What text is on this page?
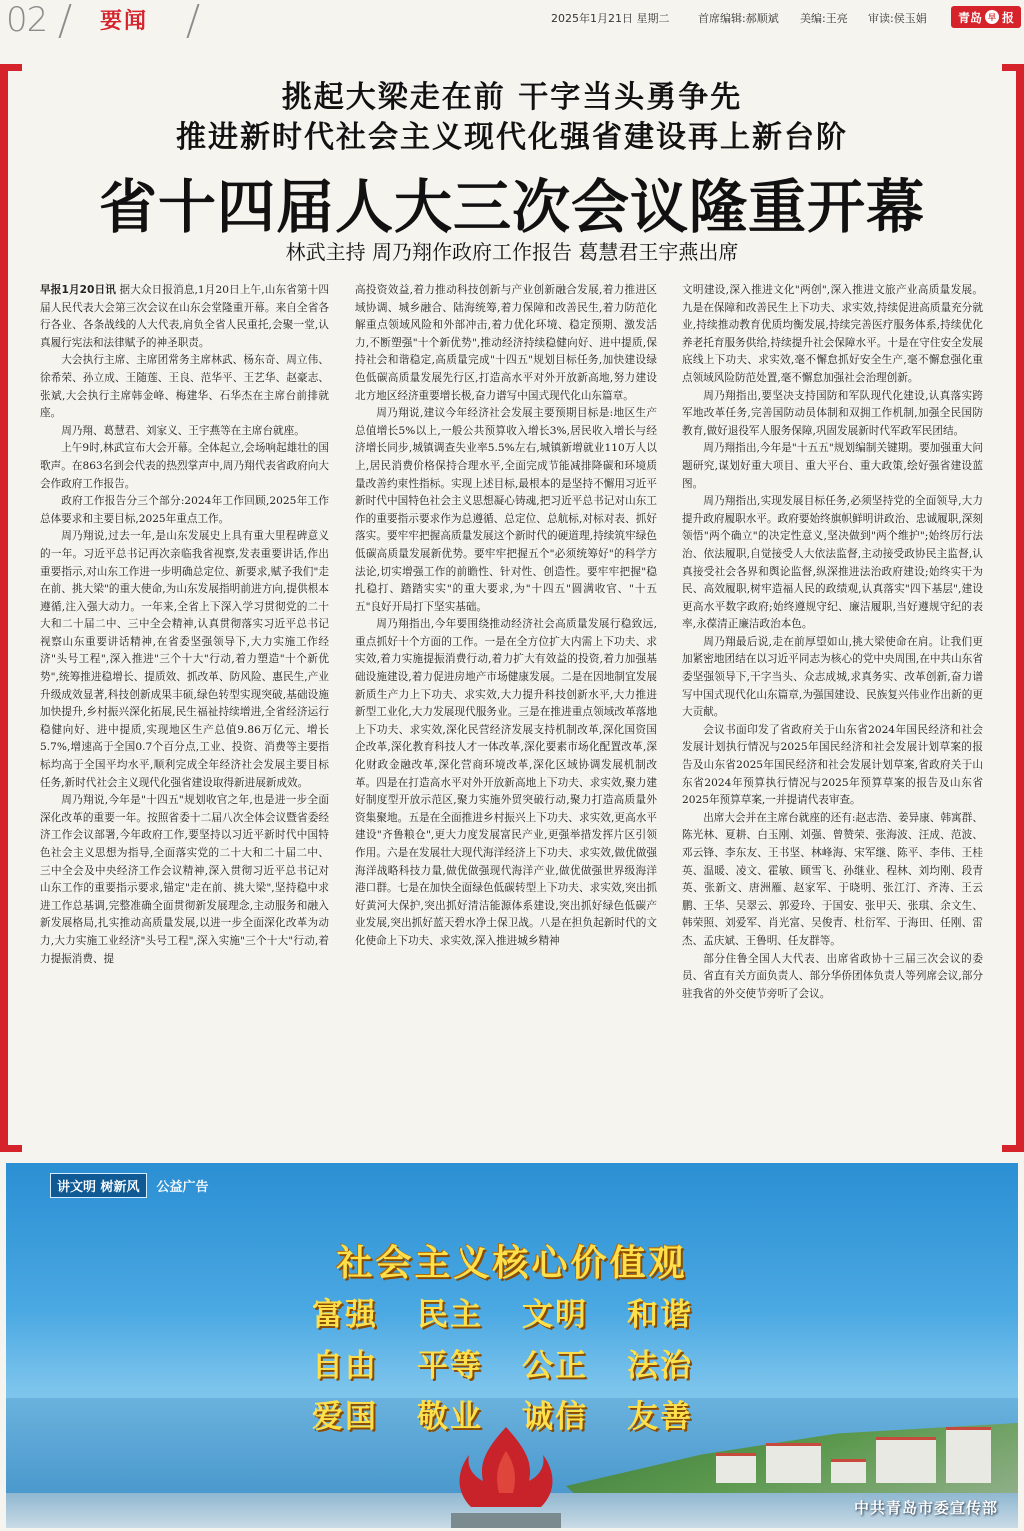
02 要闻	2025年1月21日 星期二	首席编辑:郝顺斌 美编:王亮 审读:侯玉娟	青岛 早 报
挑起大梁走在前 干字当头勇争先
推进新时代社会主义现代化强省建设再上新台阶
省十四届人大三次会议隆重开幕
林武主持 周乃翔作政府工作报告 葛慧君王宇燕出席

早报1月20日讯 据大众日报消息,1月20日上午,山东省第十四届人民代表大会第三次会议在山东会堂隆重开幕。来自全省各行各业、各条战线的人大代表,肩负全省人民重托,会聚一堂,认真履行宪法和法律赋予的神圣职责。

大会执行主席、主席团常务主席林武、杨东奇、周立伟、徐希荣、孙立成、王随莲、王良、范华平、王艺华、赵豪志、张斌,大会执行主席韩金峰、梅建华、石华杰在主席台前排就座。

周乃翔、葛慧君、刘家义、王宇燕等在主席台就座。

上午9时,林武宣布大会开幕。全体起立,会场响起雄壮的国歌声。在863名到会代表的热烈掌声中,周乃翔代表省政府向大会作政府工作报告。

政府工作报告分三个部分:2024年工作回顾,2025年工作总体要求和主要目标,2025年重点工作。

周乃翔说,过去一年,是山东发展史上具有重大里程碑意义的一年。习近平总书记再次亲临我省视察,发表重要讲话,作出重要指示,对山东工作进一步明确总定位、新要求,赋予我们"走在前、挑大梁"的重大使命,为山东发展指明前进方向,提供根本遵循,注入强大动力。一年来,全省上下深入学习贯彻党的二十大和二十届二中、三中全会精神,认真贯彻落实习近平总书记视察山东重要讲话精神,在省委坚强领导下,大力实施工作经济"头号工程",深入推进"三个十大"行动,着力塑造"十个新优势",统筹推进稳增长、提质效、抓改革、防风险、惠民生,产业升级成效显著,科技创新成果丰硕,绿色转型实现突破,基础设施加快提升,乡村振兴深化拓展,民生福祉持续增进,全省经济运行稳健向好、进中提质,实现地区生产总值9.86万亿元、增长5.7%,增速高于全国0.7个百分点,工业、投资、消费等主要指标均高于全国平均水平,顺利完成全年经济社会发展主要目标任务,新时代社会主义现代化强省建设取得新进展新成效。

周乃翔说,今年是"十四五"规划收官之年,也是进一步全面深化改革的重要一年。按照省委十二届八次全体会议暨省委经济工作会议部署,今年政府工作,要坚持以习近平新时代中国特色社会主义思想为指导,全面落实党的二十大和二十届二中、三中全会及中央经济工作会议精神,深入贯彻习近平总书记对山东工作的重要指示要求,锚定"走在前、挑大梁",坚持稳中求进工作总基调,完整准确全面贯彻新发展理念,主动服务和融入新发展格局,扎实推动高质量发展,以进一步全面深化改革为动力,大力实施工业经济"头号工程",深入实施"三个十大"行动,着力提振消费、提

高投资效益,着力推动科技创新与产业创新融合发展,着力推进区域协调、城乡融合、陆海统筹,着力保障和改善民生,着力防范化解重点领域风险和外部冲击,着力优化环境、稳定预期、激发活力,不断塑强"十个新优势",推动经济持续稳健向好、进中提质,保持社会和谐稳定,高质量完成"十四五"规划目标任务,加快建设绿色低碳高质量发展先行区,打造高水平对外开放新高地,努力建设北方地区经济重要增长极,奋力谱写中国式现代化山东篇章。

周乃翔说,建议今年经济社会发展主要预期目标是:地区生产总值增长5%以上,一般公共预算收入增长3%,居民收入增长与经济增长同步,城镇调查失业率5.5%左右,城镇新增就业110万人以上,居民消费价格保持合理水平,全面完成节能减排降碳和环境质量改善约束性指标。实现上述目标,最根本的是坚持不懈用习近平新时代中国特色社会主义思想凝心铸魂,把习近平总书记对山东工作的重要指示要求作为总遵循、总定位、总航标,对标对表、抓好落实。要牢牢把握高质量发展这个新时代的硬道理,持续筑牢绿色低碳高质量发展新优势。要牢牢把握五个"必须统筹好"的科学方法论,切实增强工作的前瞻性、针对性、创造性。要牢牢把握"稳扎稳打、踏踏实实"的重大要求,为"十四五"圆满收官、"十五五"良好开局打下坚实基础。

周乃翔指出,今年要围绕推动经济社会高质量发展行稳致远,重点抓好十个方面的工作。一是在全方位扩大内需上下功夫、求实效,着力实施提振消费行动,着力扩大有效益的投资,着力加强基础设施建设,着力促进房地产市场健康发展。二是在因地制宜发展新质生产力上下功夫、求实效,大力提升科技创新水平,大力推进新型工业化,大力发展现代服务业。三是在推进重点领域改革落地上下功夫、求实效,深化民营经济发展支持机制改革,深化国资国企改革,深化教育科技人才一体改革,深化要素市场化配置改革,深化财政金融改革,深化营商环境改革,深化区域协调发展机制改革。四是在打造高水平对外开放新高地上下功夫、求实效,聚力建好制度型开放示范区,聚力实施外贸突破行动,聚力打造高质量外资集聚地。五是在全面推进乡村振兴上下功夫、求实效,更高水平建设"齐鲁粮仓",更大力度发展富民产业,更强举措发挥片区引领作用。六是在发展壮大现代海洋经济上下功夫、求实效,做优做强海洋战略科技力量,做优做强现代海洋产业,做优做强世界级海洋港口群。七是在加快全面绿色低碳转型上下功夫、求实效,突出抓好黄河大保护,突出抓好清洁能源体系建设,突出抓好绿色低碳产业发展,突出抓好蓝天碧水净土保卫战。八是在担负起新时代的文化使命上下功夫、求实效,深入推进城乡精神

文明建设,深入推进文化"两创",深入推进文旅产业高质量发展。九是在保障和改善民生上下功夫、求实效,持续促进高质量充分就业,持续推动教育优质均衡发展,持续完善医疗服务体系,持续优化养老托育服务供给,持续提升社会保障水平。十是在守住安全发展底线上下功夫、求实效,毫不懈怠抓好安全生产,毫不懈怠强化重点领域风险防范处置,毫不懈怠加强社会治理创新。

周乃翔指出,要坚决支持国防和军队现代化建设,认真落实跨军地改革任务,完善国防动员体制和双拥工作机制,加强全民国防教育,做好退役军人服务保障,巩固发展新时代军政军民团结。

周乃翔指出,今年是"十五五"规划编制关键期。要加强重大问题研究,谋划好重大项目、重大平台、重大政策,绘好强省建设蓝图。

周乃翔指出,实现发展目标任务,必须坚持党的全面领导,大力提升政府履职水平。政府要始终旗帜鲜明讲政治、忠诚履职,深刻领悟"两个确立"的决定性意义,坚决做到"两个维护";始终厉行法治、依法履职,自觉接受人大依法监督,主动接受政协民主监督,认真接受社会各界和舆论监督,纵深推进法治政府建设;始终实干为民、高效履职,树牢造福人民的政绩观,认真落实"四下基层",建设更高水平数字政府;始终遵规守纪、廉洁履职,当好遵规守纪的表率,永葆清正廉洁政治本色。

周乃翔最后说,走在前厚望如山,挑大梁使命在肩。让我们更加紧密地团结在以习近平同志为核心的党中央周围,在中共山东省委坚强领导下,干字当头、众志成城,求真务实、改革创新,奋力谱写中国式现代化山东篇章,为强国建设、民族复兴伟业作出新的更大贡献。

会议书面印发了省政府关于山东省2024年国民经济和社会发展计划执行情况与2025年国民经济和社会发展计划草案的报告及山东省2025年国民经济和社会发展计划草案,省政府关于山东省2024年预算执行情况与2025年预算草案的报告及山东省2025年预算草案,一并提请代表审查。

出席大会并在主席台就座的还有:赵志浩、姜异康、韩寓群、陈光林、夏耕、白玉刚、刘强、曾赞荣、张海波、汪成、范波、邓云锋、李东友、王书坚、林峰海、宋军继、陈平、李伟、王桂英、温暖、凌文、霍敏、顾雪飞、孙继业、程林、刘均刚、段青英、张新文、唐洲雁、赵家军、于晓明、张江汀、齐涛、王云鹏、王华、吴翠云、郭爱玲、于国安、张甲天、张琪、余文生、韩荣照、刘爱军、肖光富、吴俊青、杜衍军、于海田、任刚、雷杰、孟庆斌、王鲁明、任友群等。

部分住鲁全国人大代表、出席省政协十三届三次会议的委员、省直有关方面负责人、部分华侨团体负责人等列席会议,部分驻我省的外交使节旁听了会议。

讲文明 树新风	公益广告
社会主义核心价值观
富强	民主	文明	和谐
自由	平等	公正	法治
爱国	敬业	诚信	友善
中共青岛市委宣传部
